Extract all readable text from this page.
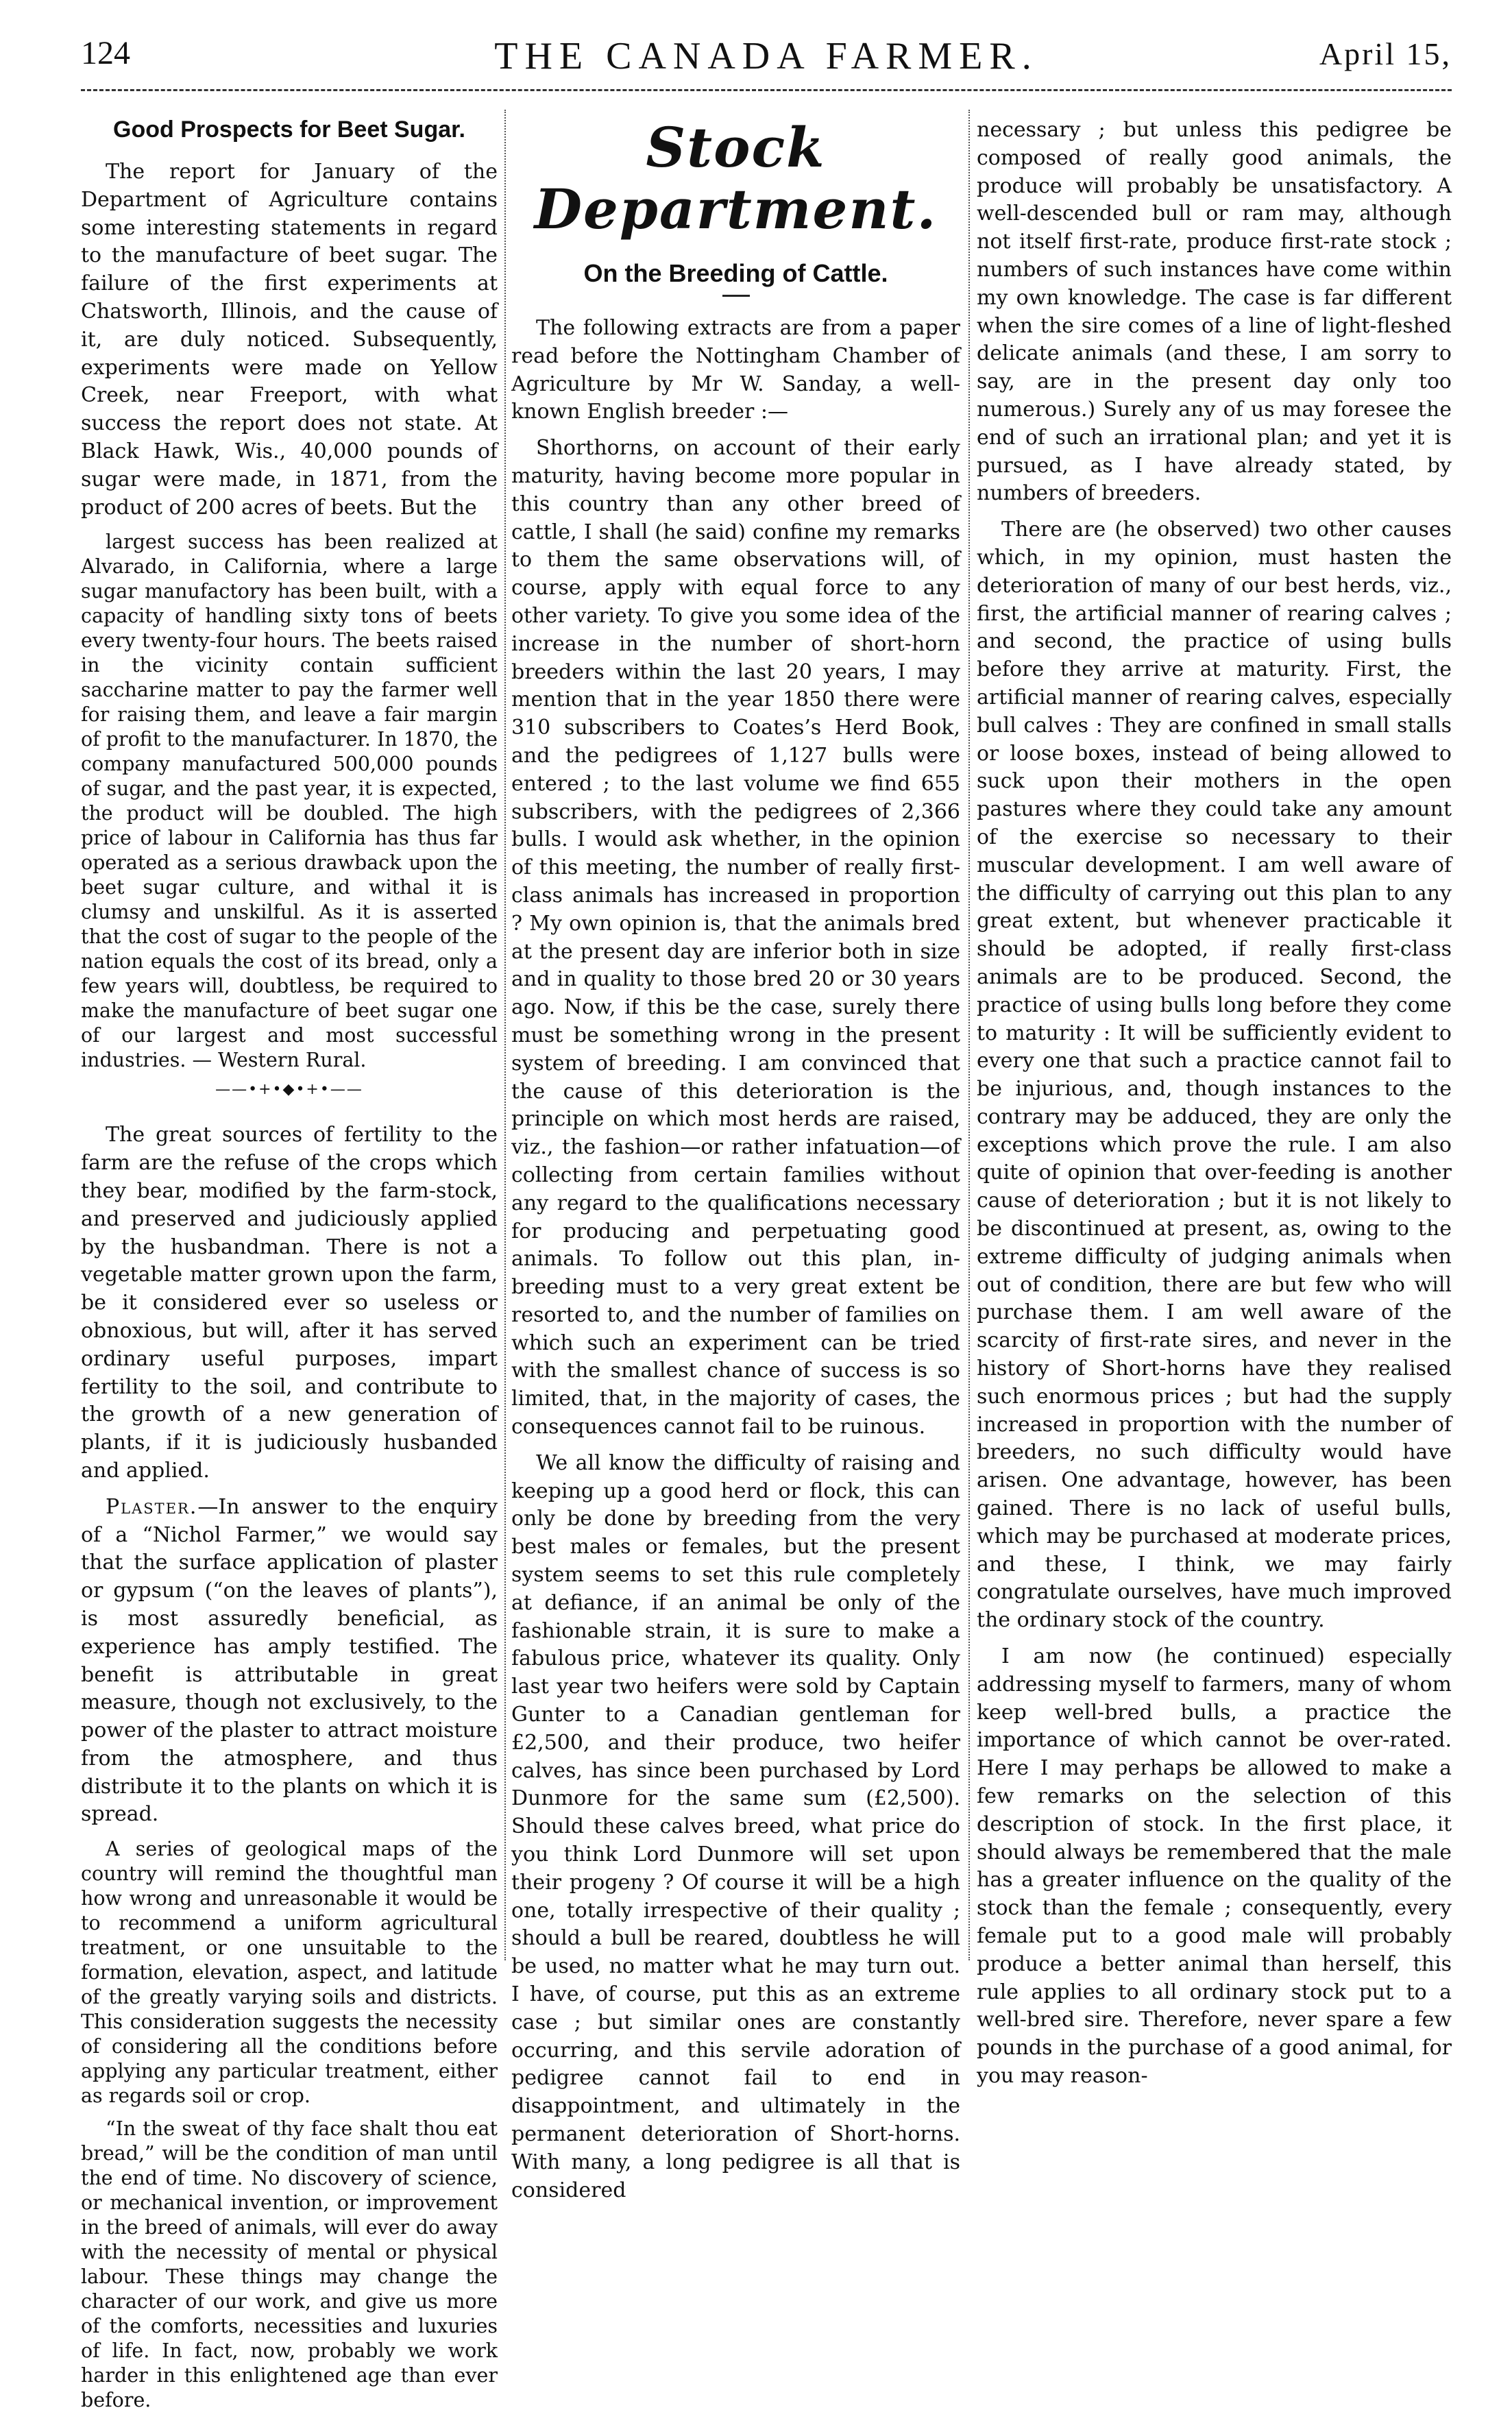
124	THE CANADA FARMER.	April 15,
Good Prospects for Beet Sugar.

The report for January of the Department of Agriculture contains some interesting statements in regard to the manufacture of beet sugar. The failure of the first experiments at Chatsworth, Illinois, and the cause of it, are duly noticed. Subsequently, experiments were made on Yellow Creek, near Freeport, with what success the report does not state. At Black Hawk, Wis., 40,000 pounds of sugar were made, in 1871, from the product of 200 acres of beets. But the

largest success has been realized at Alvarado, in California, where a large sugar manufactory has been built, with a capacity of handling sixty tons of beets every twenty-four hours. The beets raised in the vicinity contain sufficient saccharine matter to pay the farmer well for raising them, and leave a fair margin of profit to the manufacturer. In 1870, the company manufactured 500,000 pounds of sugar, and the past year, it is expected, the product will be doubled. The high price of labour in California has thus far operated as a serious drawback upon the beet sugar culture, and withal it is clumsy and unskilful. As it is asserted that the cost of sugar to the people of the nation equals the cost of its bread, only a few years will, doubtless, be required to make the manufacture of beet sugar one of our largest and most successful industries. — Western Rural.

——•+•◆•+•——

The great sources of fertility to the farm are the refuse of the crops which they bear, modified by the farm-stock, and preserved and judiciously applied by the husbandman. There is not a vegetable matter grown upon the farm, be it considered ever so useless or obnoxious, but will, after it has served ordinary useful purposes, impart fertility to the soil, and contribute to the growth of a new generation of plants, if it is judiciously husbanded and applied.

Plaster.—In answer to the enquiry of a “Nichol Farmer,” we would say that the surface application of plaster or gypsum (“on the leaves of plants”), is most assuredly beneficial, as experience has amply testified. The benefit is attributable in great measure, though not exclusively, to the power of the plaster to attract moisture from the atmosphere, and thus distribute it to the plants on which it is spread.

A series of geological maps of the country will remind the thoughtful man how wrong and unreasonable it would be to recommend a uniform agricultural treatment, or one unsuitable to the formation, elevation, aspect, and latitude of the greatly varying soils and districts. This consideration suggests the necessity of considering all the conditions before applying any particular treatment, either as regards soil or crop.

“In the sweat of thy face shalt thou eat bread,” will be the condition of man until the end of time. No discovery of science, or mechanical invention, or improvement in the breed of animals, will ever do away with the necessity of mental or physical labour. These things may change the character of our work, and give us more of the comforts, necessities and luxuries of life. In fact, now, probably we work harder in this enlightened age than ever before.

Stock Department.
On the Breeding of Cattle.

The following extracts are from a paper read before the Nottingham Chamber of Agriculture by Mr W. Sanday, a well-known English breeder :—

Shorthorns, on account of their early maturity, having become more popular in this country than any other breed of cattle, I shall (he said) confine my remarks to them the same observations will, of course, apply with equal force to any other variety. To give you some idea of the increase in the number of short-horn breeders within the last 20 years, I may mention that in the year 1850 there were 310 subscribers to Coates’s Herd Book, and the pedigrees of 1,127 bulls were entered ; to the last volume we find 655 subscribers, with the pedigrees of 2,366 bulls. I would ask whether, in the opinion of this meeting, the number of really first-class animals has increased in proportion ? My own opinion is, that the animals bred at the present day are inferior both in size and in quality to those bred 20 or 30 years ago. Now, if this be the case, surely there must be something wrong in the present system of breeding. I am convinced that the cause of this deterioration is the principle on which most herds are raised, viz., the fashion—or rather infatuation—of collecting from certain families without any regard to the qualifications necessary for producing and perpetuating good animals. To follow out this plan, in-breeding must to a very great extent be resorted to, and the number of families on which such an experiment can be tried with the smallest chance of success is so limited, that, in the majority of cases, the consequences cannot fail to be ruinous.

We all know the difficulty of raising and keeping up a good herd or flock, this can only be done by breeding from the very best males or females, but the present system seems to set this rule completely at defiance, if an animal be only of the fashionable strain, it is sure to make a fabulous price, whatever its quality. Only last year two heifers were sold by Captain Gunter to a Canadian gentleman for £2,500, and their produce, two heifer calves, has since been purchased by Lord Dunmore for the same sum (£2,500). Should these calves breed, what price do you think Lord Dunmore will set upon their progeny ? Of course it will be a high one, totally irrespective of their quality ; should a bull be reared, doubtless he will be used, no matter what he may turn out. I have, of course, put this as an extreme case ; but similar ones are constantly occurring, and this servile adoration of pedigree cannot fail to end in disappointment, and ultimately in the permanent deterioration of Short-horns. With many, a long pedigree is all that is considered

necessary ; but unless this pedigree be composed of really good animals, the produce will probably be unsatisfactory. A well-descended bull or ram may, although not itself first-rate, produce first-rate stock ; numbers of such instances have come within my own knowledge. The case is far different when the sire comes of a line of light-fleshed delicate animals (and these, I am sorry to say, are in the present day only too numerous.) Surely any of us may foresee the end of such an irrational plan; and yet it is pursued, as I have already stated, by numbers of breeders.

There are (he observed) two other causes which, in my opinion, must hasten the deterioration of many of our best herds, viz., first, the artificial manner of rearing calves ; and second, the practice of using bulls before they arrive at maturity. First, the artificial manner of rearing calves, especially bull calves : They are confined in small stalls or loose boxes, instead of being allowed to suck upon their mothers in the open pastures where they could take any amount of the exercise so necessary to their muscular development. I am well aware of the difficulty of carrying out this plan to any great extent, but whenever practicable it should be adopted, if really first-class animals are to be produced. Second, the practice of using bulls long before they come to maturity : It will be sufficiently evident to every one that such a practice cannot fail to be injurious, and, though instances to the contrary may be adduced, they are only the exceptions which prove the rule. I am also quite of opinion that over-feeding is another cause of deterioration ; but it is not likely to be discontinued at present, as, owing to the extreme difficulty of judging animals when out of condition, there are but few who will purchase them. I am well aware of the scarcity of first-rate sires, and never in the history of Short-horns have they realised such enormous prices ; but had the supply increased in proportion with the number of breeders, no such difficulty would have arisen. One advantage, however, has been gained. There is no lack of useful bulls, which may be purchased at moderate prices, and these, I think, we may fairly congratulate ourselves, have much improved the ordinary stock of the country.

I am now (he continued) especially addressing myself to farmers, many of whom keep well-bred bulls, a practice the importance of which cannot be over-rated. Here I may perhaps be allowed to make a few remarks on the selection of this description of stock. In the first place, it should always be remembered that the male has a greater influence on the quality of the stock than the female ; consequently, every female put to a good male will probably produce a better animal than herself, this rule applies to all ordinary stock put to a well-bred sire. Therefore, never spare a few pounds in the purchase of a good animal, for you may reason-
